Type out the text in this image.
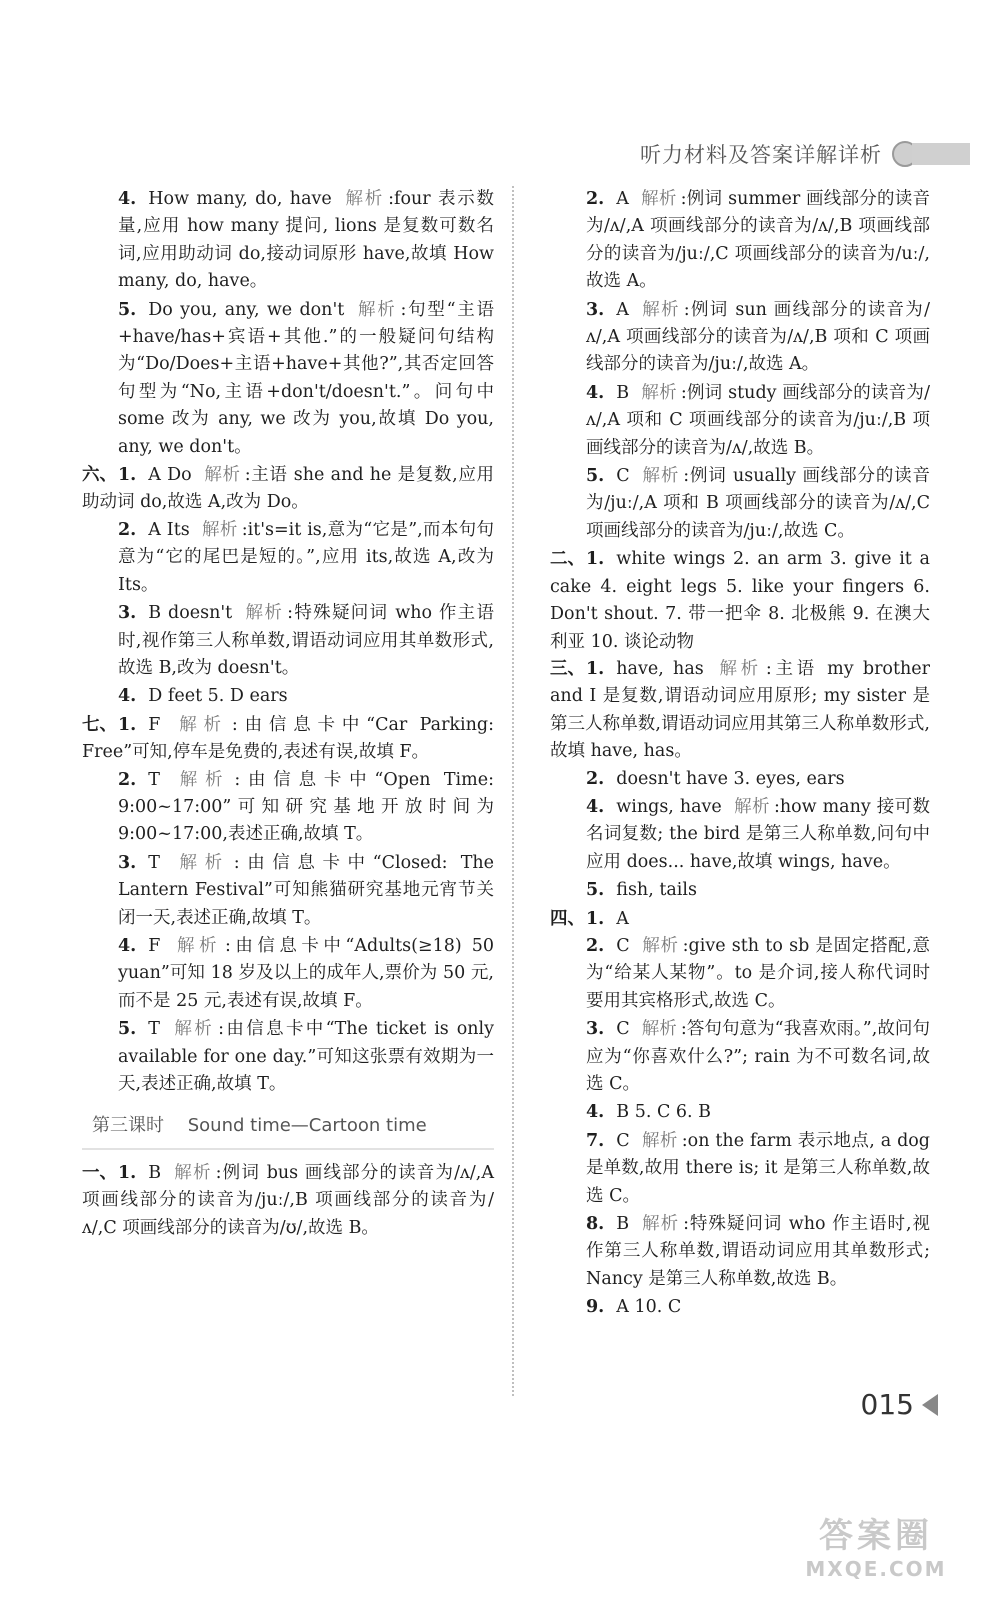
听力材料及答案详解详析

4. How many, do, have 解析 :four 表示数量,应用 how many 提问, lions 是复数可数名词,应用助动词 do,接动词原形 have,故填 How many, do, have。

5. Do you, any, we don't 解析 :句型“主语+have/has+宾语+其他.”的一般疑问句结构为“Do/Does+主语+have+其他?”,其否定回答句型为“No,主语+don't/doesn't.”。问句中 some 改为 any, we 改为 you,故填 Do you, any, we don't。

六、1. A Do 解析 :主语 she and he 是复数,应用助动词 do,故选 A,改为 Do。

2. A Its 解析 :it's=it is,意为“它是”,而本句句意为“它的尾巴是短的。”,应用 its,故选 A,改为 Its。

3. B doesn't 解析 :特殊疑问词 who 作主语时,视作第三人称单数,谓语动词应用其单数形式,故选 B,改为 doesn't。

4. D feet 5. D ears

七、1. F 解析 :由信息卡中“Car Parking: Free”可知,停车是免费的,表述有误,故填 F。

2. T 解析 :由信息卡中“Open Time: 9:00~17:00”可知研究基地开放时间为 9:00~17:00,表述正确,故填 T。

3. T 解析 :由信息卡中“Closed: The Lantern Festival”可知熊猫研究基地元宵节关闭一天,表述正确,故填 T。

4. F 解析 :由信息卡中“Adults(≥18) 50 yuan”可知 18 岁及以上的成年人,票价为 50 元,而不是 25 元,表述有误,故填 F。

5. T 解析 :由信息卡中“The ticket is only available for one day.”可知这张票有效期为一天,表述正确,故填 T。

第三课时 Sound time—Cartoon time

一、1. B 解析 :例词 bus 画线部分的读音为/ʌ/,A 项画线部分的读音为/juː/,B 项画线部分的读音为/ʌ/,C 项画线部分的读音为/ʊ/,故选 B。

2. A 解析 :例词 summer 画线部分的读音为/ʌ/,A 项画线部分的读音为/ʌ/,B 项画线部分的读音为/juː/,C 项画线部分的读音为/uː/,故选 A。

3. A 解析 :例词 sun 画线部分的读音为/ʌ/,A 项画线部分的读音为/ʌ/,B 项和 C 项画线部分的读音为/juː/,故选 A。

4. B 解析 :例词 study 画线部分的读音为/ʌ/,A 项和 C 项画线部分的读音为/juː/,B 项画线部分的读音为/ʌ/,故选 B。

5. C 解析 :例词 usually 画线部分的读音为/juː/,A 项和 B 项画线部分的读音为/ʌ/,C 项画线部分的读音为/juː/,故选 C。

二、1. white wings 2. an arm 3. give it a cake 4. eight legs 5. like your fingers 6. Don't shout. 7. 带一把伞 8. 北极熊 9. 在澳大利亚 10. 谈论动物

三、1. have, has 解析 :主语 my brother and I 是复数,谓语动词应用原形; my sister 是第三人称单数,谓语动词应用其第三人称单数形式,故填 have, has。

2. doesn't have 3. eyes, ears

4. wings, have 解析 :how many 接可数名词复数; the bird 是第三人称单数,问句中应用 does... have,故填 wings, have。

5. fish, tails

四、1. A

2. C 解析 :give sth to sb 是固定搭配,意为“给某人某物”。to 是介词,接人称代词时要用其宾格形式,故选 C。

3. C 解析 :答句句意为“我喜欢雨。”,故问句应为“你喜欢什么?”; rain 为不可数名词,故选 C。

4. B 5. C 6. B

7. C 解析 :on the farm 表示地点, a dog 是单数,故用 there is; it 是第三人称单数,故选 C。

8. B 解析 :特殊疑问词 who 作主语时,视作第三人称单数,谓语动词应用其单数形式; Nancy 是第三人称单数,故选 B。

9. A 10. C

015
答案圈
MXQE.COM
